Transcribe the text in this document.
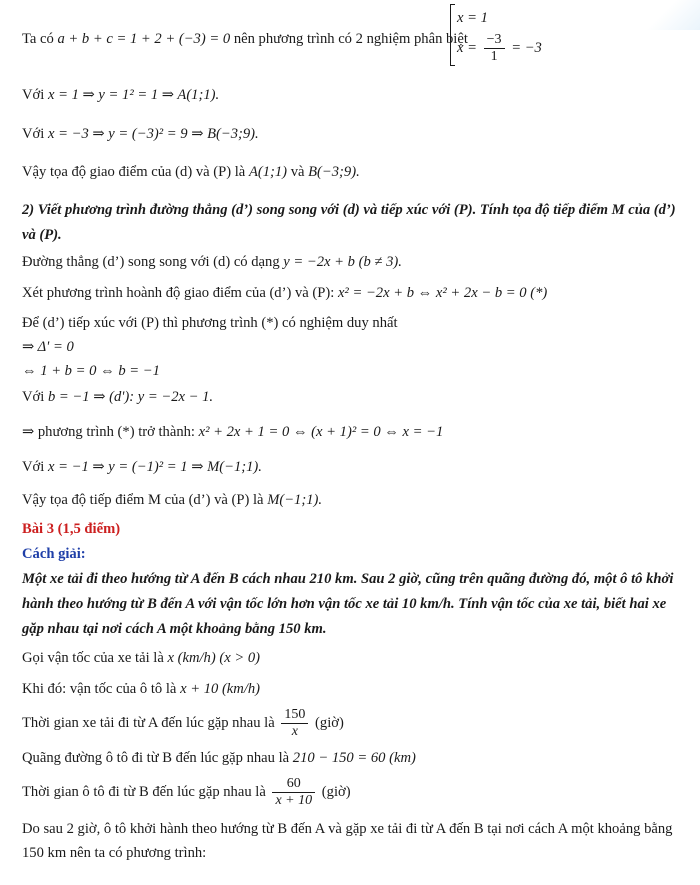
Ta có a + b + c = 1 + 2 + (−3) = 0 nên phương trình có 2 nghiệm phân biệt
x = 1
$x = \frac{-3}{1} = -3$
Với x = 1 ⇒ y = 1² = 1 ⇒ A(1;1).
Với x = −3 ⇒ y = (−3)² = 9 ⇒ B(−3;9).
Vậy tọa độ giao điểm của (d) và (P) là A(1;1) và B(−3;9).
2) Viết phương trình đường thẳng (d’) song song với (d) và tiếp xúc với (P). Tính tọa độ tiếp điểm M của (d’) và (P).
Đường thẳng (d’) song song với (d) có dạng y = −2x + b (b ≠ 3).
Xét phương trình hoành độ giao điểm của (d’) và (P): x² = −2x + b ⇔ x² + 2x − b = 0 (*)
Để (d’) tiếp xúc với (P) thì phương trình (*) có nghiệm duy nhất
⇒ Δ' = 0
⇔ 1 + b = 0 ⇔ b = −1
Với b = −1 ⇒ (d'): y = −2x − 1.
⇒ phương trình (*) trở thành: x² + 2x + 1 = 0 ⇔ (x + 1)² = 0 ⇔ x = −1
Với x = −1 ⇒ y = (−1)² = 1 ⇒ M(−1;1).
Vậy tọa độ tiếp điểm M của (d’) và (P) là M(−1;1).
Bài 3 (1,5 điểm)
Cách giải:
Một xe tải đi theo hướng từ A đến B cách nhau 210 km. Sau 2 giờ, cũng trên quãng đường đó, một ô tô khởi hành theo hướng từ B đến A với vận tốc lớn hơn vận tốc xe tải 10 km/h. Tính vận tốc của xe tải, biết hai xe gặp nhau tại nơi cách A một khoảng bằng 150 km.
Gọi vận tốc của xe tải là x (km/h) (x > 0)
Khi đó: vận tốc của ô tô là x + 10 (km/h)
Thời gian xe tải đi từ A đến lúc gặp nhau là $\frac{150}{x}$ (giờ)
Quãng đường ô tô đi từ B đến lúc gặp nhau là 210 − 150 = 60 (km)
Thời gian ô tô đi từ B đến lúc gặp nhau là $\frac{60}{x + 10}$ (giờ)
Do sau 2 giờ, ô tô khởi hành theo hướng từ B đến A và gặp xe tải đi từ A đến B tại nơi cách A một khoảng bằng 150 km nên ta có phương trình:
